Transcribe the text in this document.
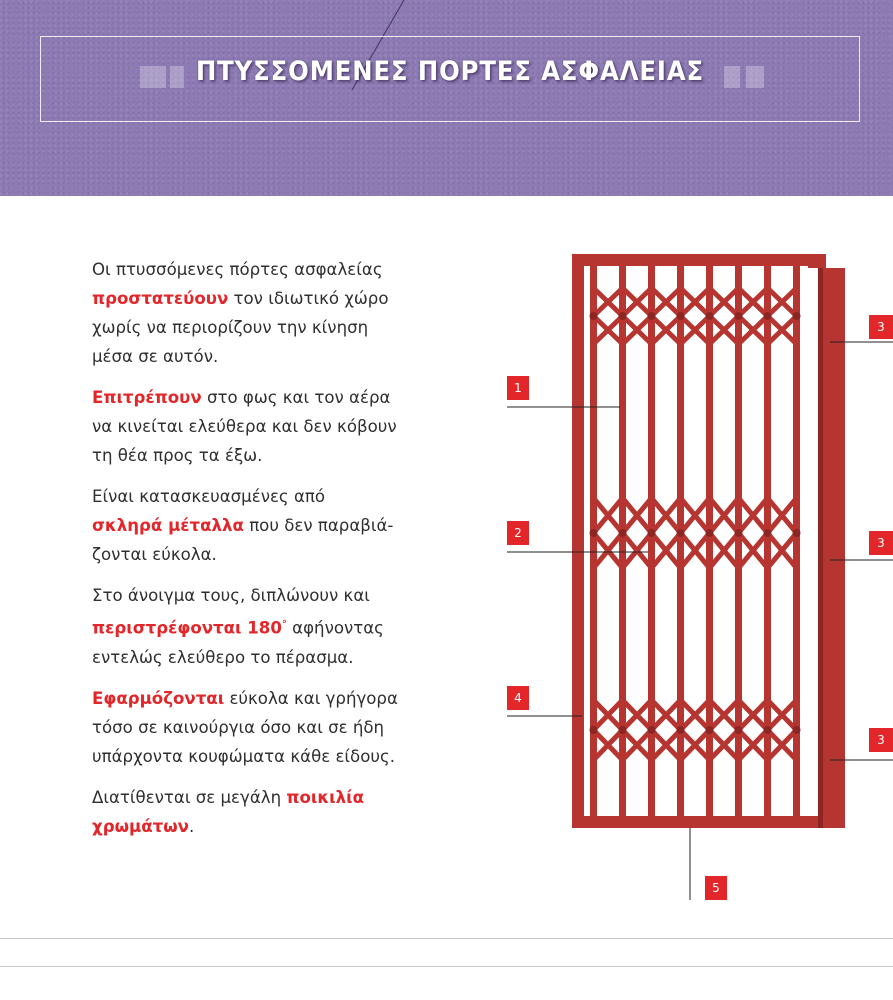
ΠΤΥΣΣΟΜΕΝΕΣ ΠΟΡΤΕΣ ΑΣΦΑΛΕΙΑΣ
Οι πτυσσόμενες πόρτες ασφαλείας
προστατεύουν τον ιδιωτικό χώρο
χωρίς να περιορίζουν την κίνηση
μέσα σε αυτόν.
Επιτρέπουν στο φως και τον αέρα
να κινείται ελεύθερα και δεν κόβουν
τη θέα προς τα έξω.
Είναι κατασκευασμένες από
σκληρά μέταλλα που δεν παραβιά-
ζονται εύκολα.
Στο άνοιγμα τους, διπλώνουν και
περιστρέφονται 180° αφήνοντας
εντελώς ελεύθερο το πέρασμα.
Εφαρμόζονται εύκολα και γρήγορα
τόσο σε καινούργια όσο και σε ήδη
υπάρχοντα κουφώματα κάθε είδους.
Διατίθενται σε μεγάλη ποικιλία
χρωμάτων.
1
2
4
5
3
3
3
